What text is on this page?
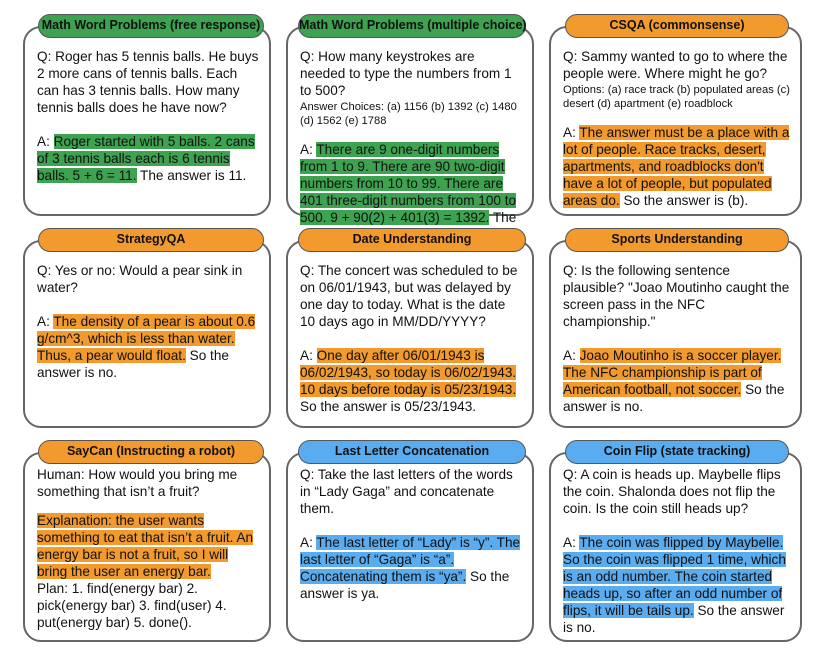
Q: Roger has 5 tennis balls. He buys 2 more cans of tennis balls. Each can has 3 tennis balls. How many tennis balls does he have now?

A: Roger started with 5 balls. 2 cans of 3 tennis balls each is 6 tennis balls. 5 + 6 = 11. The answer is 11.

Math Word Problems (free response)

Q: How many keystrokes are needed to type the numbers from 1 to 500?

Answer Choices: (a) 1156 (b) 1392 (c) 1480 (d) 1562 (e) 1788

A: There are 9 one-digit numbers from 1 to 9. There are 90 two-digit numbers from 10 to 99. There are 401 three-digit numbers from 100 to 500. 9 + 90(2) + 401(3) = 1392. The

Math Word Problems (multiple choice)

Q: Sammy wanted to go to where the people were. Where might he go?

Options: (a) race track (b) populated areas (c) desert (d) apartment (e) roadblock

A: The answer must be a place with a lot of people. Race tracks, desert, apartments, and roadblocks don't have a lot of people, but populated areas do. So the answer is (b).

CSQA (commonsense)

Q: Yes or no: Would a pear sink in water?

A: The density of a pear is about 0.6 g/cm^3, which is less than water. Thus, a pear would float. So the answer is no.

StrategyQA

Q: The concert was scheduled to be on 06/01/1943, but was delayed by one day to today. What is the date 10 days ago in MM/DD/YYYY?

A: One day after 06/01/1943 is 06/02/1943, so today is 06/02/1943. 10 days before today is 05/23/1943. So the answer is 05/23/1943.

Date Understanding

Q: Is the following sentence plausible? "Joao Moutinho caught the screen pass in the NFC championship."

A: Joao Moutinho is a soccer player. The NFC championship is part of American football, not soccer. So the answer is no.

Sports Understanding

Human: How would you bring me something that isn’t a fruit?

Explanation: the user wants something to eat that isn’t a fruit. An energy bar is not a fruit, so I will bring the user an energy bar.

Plan: 1. find(energy bar) 2. pick(energy bar) 3. find(user) 4. put(energy bar) 5. done().

SayCan (Instructing a robot)

Q: Take the last letters of the words in “Lady Gaga” and concatenate them.

A: The last letter of “Lady” is “y”. The last letter of “Gaga” is “a”. Concatenating them is “ya”. So the answer is ya.

Last Letter Concatenation

Q: A coin is heads up. Maybelle flips the coin. Shalonda does not flip the coin. Is the coin still heads up?

A: The coin was flipped by Maybelle. So the coin was flipped 1 time, which is an odd number. The coin started heads up, so after an odd number of flips, it will be tails up. So the answer is no.

Coin Flip (state tracking)
